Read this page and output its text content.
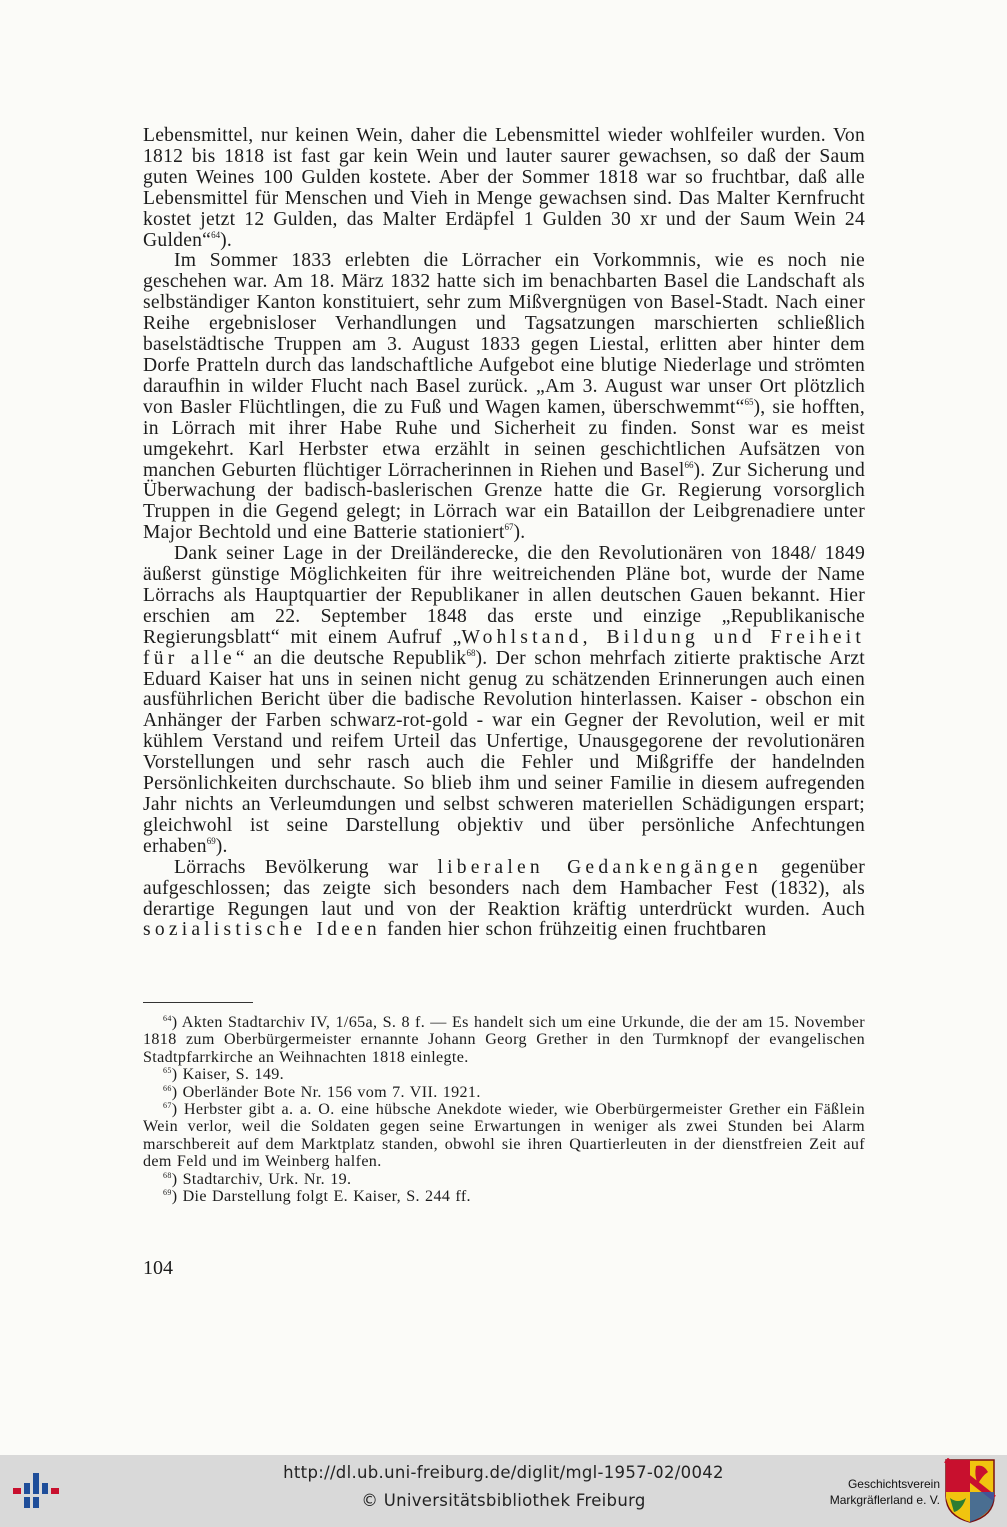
Lebensmittel, nur keinen Wein, daher die Lebensmittel wieder wohlfeiler wurden. Von 1812 bis 1818 ist fast gar kein Wein und lauter saurer gewachsen, so daß der Saum guten Weines 100 Gulden kostete. Aber der Sommer 1818 war so fruchtbar, daß alle Lebensmittel für Menschen und Vieh in Menge gewachsen sind. Das Malter Kernfrucht kostet jetzt 12 Gulden, das Malter Erdäpfel 1 Gulden 30 xr und der Saum Wein 24 Gulden“$^{64}$).

Im Sommer 1833 erlebten die Lörracher ein Vorkommnis, wie es noch nie geschehen war. Am 18. März 1832 hatte sich im benachbarten Basel die Landschaft als selbständiger Kanton konstituiert, sehr zum Mißvergnügen von Basel-Stadt. Nach einer Reihe ergebnisloser Verhandlungen und Tagsatzungen marschierten schließlich baselstädtische Truppen am 3. August 1833 gegen Liestal, erlitten aber hinter dem Dorfe Pratteln durch das landschaftliche Aufgebot eine blutige Niederlage und strömten daraufhin in wilder Flucht nach Basel zurück. „Am 3. August war unser Ort plötzlich von Basler Flüchtlingen, die zu Fuß und Wagen kamen, überschwemmt“$^{65}$), sie hofften, in Lörrach mit ihrer Habe Ruhe und Sicherheit zu finden. Sonst war es meist umgekehrt. Karl Herbster etwa erzählt in seinen geschichtlichen Aufsätzen von manchen Geburten flüchtiger Lörracherinnen in Riehen und Basel$^{66}$). Zur Sicherung und Überwachung der badisch-baslerischen Grenze hatte die Gr. Regierung vorsorglich Truppen in die Gegend gelegt; in Lörrach war ein Bataillon der Leibgrenadiere unter Major Bechtold und eine Batterie stationiert$^{67}$).

Dank seiner Lage in der Dreiländerecke, die den Revolutionären von 1848/ 1849 äußerst günstige Möglichkeiten für ihre weitreichenden Pläne bot, wurde der Name Lörrachs als Hauptquartier der Republikaner in allen deutschen Gauen bekannt. Hier erschien am 22. September 1848 das erste und einzige „Republikanische Regierungsblatt“ mit einem Aufruf „Wohlstand, Bildung und Freiheit für alle“ an die deutsche Republik$^{68}$). Der schon mehrfach zitierte praktische Arzt Eduard Kaiser hat uns in seinen nicht genug zu schätzenden Erinnerungen auch einen ausführlichen Bericht über die badische Revolution hinterlassen. Kaiser - obschon ein Anhänger der Farben schwarz-rot-gold - war ein Gegner der Revolution, weil er mit kühlem Verstand und reifem Urteil das Unfertige, Unausgegorene der revolutionären Vorstellungen und sehr rasch auch die Fehler und Mißgriffe der handelnden Persönlichkeiten durchschaute. So blieb ihm und seiner Familie in diesem aufregenden Jahr nichts an Verleumdungen und selbst schweren materiellen Schädigungen erspart; gleichwohl ist seine Darstellung objektiv und über persönliche Anfechtungen erhaben$^{69}$).

Lörrachs Bevölkerung war liberalen Gedankengängen gegenüber aufgeschlossen; das zeigte sich besonders nach dem Hambacher Fest (1832), als derartige Regungen laut und von der Reaktion kräftig unterdrückt wurden. Auch sozialistische Ideen fanden hier schon frühzeitig einen fruchtbaren

$^{64}$) Akten Stadtarchiv IV, 1/65a, S. 8 f. — Es handelt sich um eine Urkunde, die der am 15. November 1818 zum Oberbürgermeister ernannte Johann Georg Grether in den Turmknopf der evangelischen Stadtpfarrkirche an Weihnachten 1818 einlegte.

$^{65}$) Kaiser, S. 149.

$^{66}$) Oberländer Bote Nr. 156 vom 7. VII. 1921.

$^{67}$) Herbster gibt a. a. O. eine hübsche Anekdote wieder, wie Oberbürgermeister Grether ein Fäßlein Wein verlor, weil die Soldaten gegen seine Erwartungen in weniger als zwei Stunden bei Alarm marschbereit auf dem Marktplatz standen, obwohl sie ihren Quartierleuten in der dienstfreien Zeit auf dem Feld und im Weinberg halfen.

$^{68}$) Stadtarchiv, Urk. Nr. 19.

$^{69}$) Die Darstellung folgt E. Kaiser, S. 244 ff.

104
http://dl.ub.uni-freiburg.de/diglit/mgl-1957-02/0042
© Universitätsbibliothek Freiburg
Geschichtsverein
Markgräflerland e. V.
